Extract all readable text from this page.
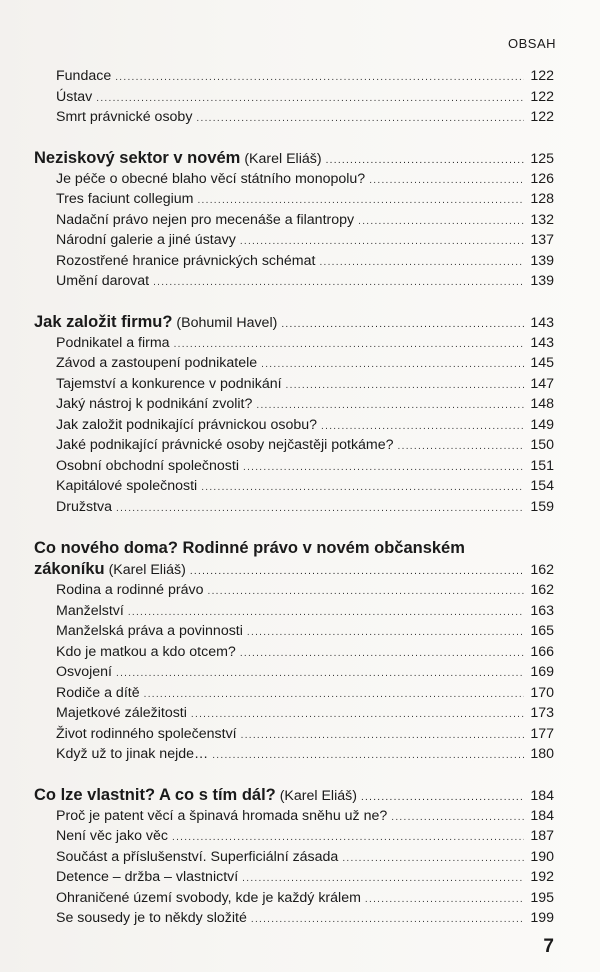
OBSAH
Fundace .....	122
Ústav .....	122
Smrt právnické osoby .....	122
Neziskový sektor v novém (Karel Eliáš) .....	125
Je péče o obecné blaho věcí státního monopolu? .....	126
Tres faciunt collegium .....	128
Nadační právo nejen pro mecenáše a filantropy .....	132
Národní galerie a jiné ústavy .....	137
Rozostřené hranice právnických schémat .....	139
Umění darovat .....	139
Jak založit firmu? (Bohumil Havel) .....	143
Podnikatel a firma .....	143
Závod a zastoupení podnikatele .....	145
Tajemství a konkurence v podnikání .....	147
Jaký nástroj k podnikání zvolit? .....	148
Jak založit podnikající právnickou osobu? .....	149
Jaké podnikající právnické osoby nejčastěji potkáme? .....	150
Osobní obchodní společnosti .....	151
Kapitálové společnosti .....	154
Družstva .....	159
Co nového doma? Rodinné právo v novém občanském
zákoníku (Karel Eliáš) .....	162
Rodina a rodinné právo .....	162
Manželství .....	163
Manželská práva a povinnosti .....	165
Kdo je matkou a kdo otcem? .....	166
Osvojení .....	169
Rodiče a dítě .....	170
Majetkové záležitosti .....	173
Život rodinného společenství .....	177
Když už to jinak nejde… .....	180
Co lze vlastnit? A co s tím dál? (Karel Eliáš) .....	184
Proč je patent věcí a špinavá hromada sněhu už ne? .....	184
Není věc jako věc .....	187
Součást a příslušenství. Superficiální zásada .....	190
Detence – držba – vlastnictví .....	192
Ohraničené území svobody, kde je každý králem .....	195
Se sousedy je to někdy složité .....	199
7
